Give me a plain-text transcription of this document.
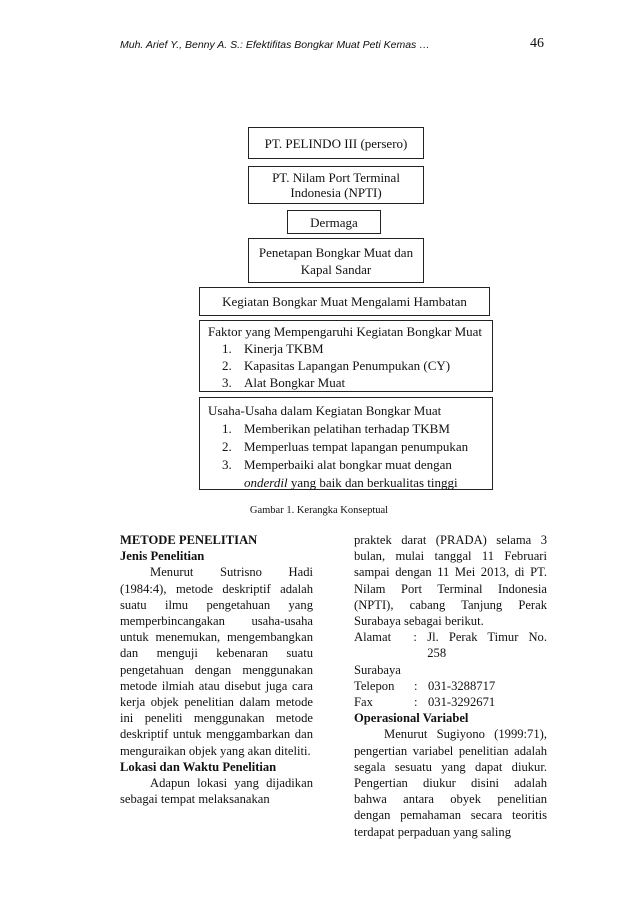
Muh. Arief Y., Benny A. S.: Efektifitas Bongkar Muat Peti Kemas …	46
PT. PELINDO III (persero)
PT. Nilam Port Terminal
Indonesia (NPTI)
Dermaga
Penetapan Bongkar Muat dan
Kapal Sandar
Kegiatan Bongkar Muat Mengalami Hambatan
Faktor yang Mempengaruhi Kegiatan Bongkar Muat
1. Kinerja TKBM
2. Kapasitas Lapangan Penumpukan (CY)
3. Alat Bongkar Muat
Usaha-Usaha dalam Kegiatan Bongkar Muat
1. Memberikan pelatihan terhadap TKBM
2. Memperluas tempat lapangan penumpukan
3. Memperbaiki alat bongkar muat dengan
onderdil yang baik dan berkualitas tinggi
Gambar 1. Kerangka Konseptual

METODE PENELITIAN

Jenis Penelitian

Menurut Sutrisno Hadi (1984:4), metode deskriptif adalah suatu ilmu pengetahuan yang memperbincangakan usaha-usaha untuk menemukan, mengembangkan dan menguji kebenaran suatu pengetahuan dengan menggunakan metode ilmiah atau disebut juga cara kerja objek penelitian dalam metode ini peneliti menggunakan metode deskriptif untuk menggambarkan dan menguraikan objek yang akan diteliti.

Lokasi dan Waktu Penelitian

Adapun lokasi yang dijadikan sebagai tempat melaksanakan

praktek darat (PRADA) selama 3 bulan, mulai tanggal 11 Februari sampai dengan 11 Mei 2013, di PT. Nilam Port Terminal Indonesia (NPTI), cabang Tanjung Perak Surabaya sebagai berikut.

Alamat	: Jl. Perak Timur No. 258

Surabaya

Telepon	: 031-3288717
Fax	: 031-3292671

Operasional Variabel

Menurut Sugiyono (1999:71), pengertian variabel penelitian adalah segala sesuatu yang dapat diukur. Pengertian diukur disini adalah bahwa antara obyek penelitian dengan pemahaman secara teoritis terdapat perpaduan yang saling
